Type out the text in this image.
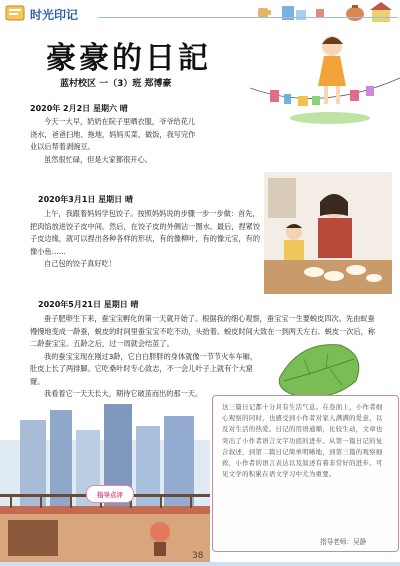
时光印记
豪豪的日記
蓝村校区 一（3）班 郑博豪
2020年 2月2日 星期六 晴

今天一大早，奶奶在院子里晒衣服，爷爷给花儿浇水，爸爸扫地、拖地，妈妈买菜、做饭，我写完作业以后帮着剥豌豆。

虽然很忙碌，但是大家都很开心。

2020年3月1日 星期日 晴

上午，我跟着妈妈学包饺子。按照妈妈说的步骤一步一步做：首先，把肉馅放进饺子皮中间。然后，在饺子皮的外侧沾一圈水。最后，捏紧饺子皮边缘，就可以捏出各种各样的形状，有的像柳叶，有的像元宝，有的像小鱼……

自己包的饺子真好吃！

2020年5月21日 星期日 晴

蚕子肥卵生下来，蚕宝宝孵化的第一天就开始了。根据我的细心观察，蚕宝宝一生要蜕皮四次。先由蚁蚕慢慢地变成一龄蚕，蜕皮的时间里蚕宝宝不吃不动，头抬着。蜕皮时间大致在一到两天左右。蜕皮一次后，称二龄蚕宝宝。五龄之后，过一周就会结茧了。

我的蚕宝宝现在刚过3龄，它白白胖胖的身体就像一节节火车车厢，肚皮上长了两排脚。它吃桑叶时专心致志，不一会儿叶子上就有个大窟窿。

我看着它一天天长大，期待它破茧而出的那一天。

指导点评
这三篇日记都十分具有生活气息。在卷面上，小作者细心观察的同时，也感受到小作者对家人满满的爱意，以及对生活的热爱。日记的用语通顺，比较生动，文章也突出了小作者语言文字功底的进步。从第一篇日记的复合叙述，到第二篇日记简单明晰地，到第三篇的观察细致，小作者的语言表达以及叙述有着非常好的进步。可见文学的积累在语文学习中尤为重要。
指导老师：吴静
38
